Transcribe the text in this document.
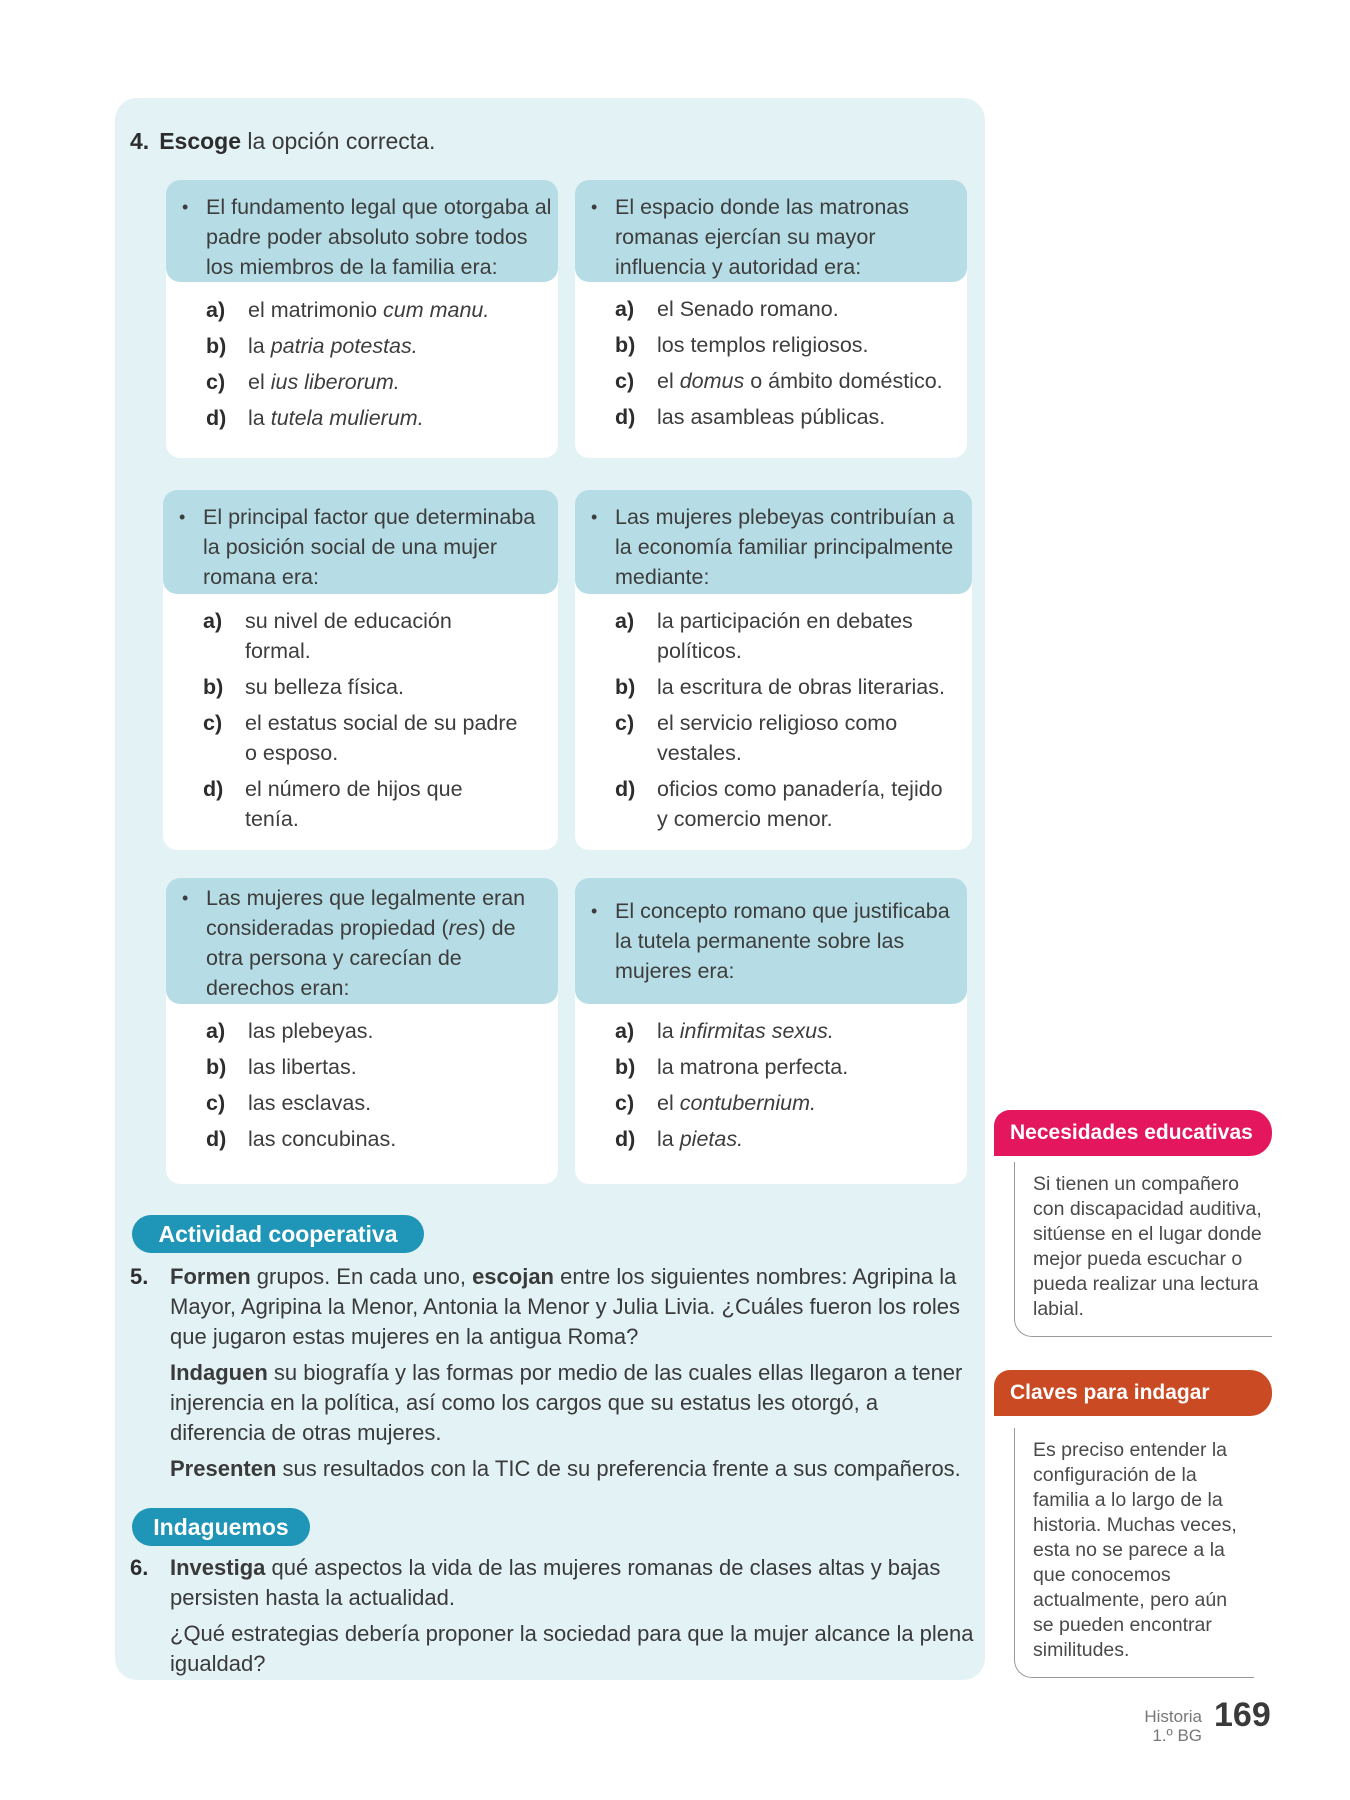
4. Escoge la opción correcta.
• El fundamento legal que otorgaba al padre poder absoluto sobre todos los miembros de la familia era:
a) el matrimonio cum manu.
b) la patria potestas.
c) el ius liberorum.
d) la tutela mulierum.
• El espacio donde las matronas romanas ejercían su mayor influencia y autoridad era:
a) el Senado romano.
b) los templos religiosos.
c) el domus o ámbito doméstico.
d) las asambleas públicas.
• El principal factor que determinaba la posición social de una mujer romana era:
a) su nivel de educación formal.
b) su belleza física.
c) el estatus social de su padre o esposo.
d) el número de hijos que tenía.
• Las mujeres plebeyas contribuían a la economía familiar principalmente mediante:
a) la participación en debates políticos.
b) la escritura de obras literarias.
c) el servicio religioso como vestales.
d) oficios como panadería, tejido y comercio menor.
• Las mujeres que legalmente eran consideradas propiedad (res) de otra persona y carecían de derechos eran:
a) las plebeyas.
b) las libertas.
c) las esclavas.
d) las concubinas.
• El concepto romano que justificaba la tutela permanente sobre las mujeres era:
a) la infirmitas sexus.
b) la matrona perfecta.
c) el contubernium.
d) la pietas.
Actividad cooperativa
5. Formen grupos. En cada uno, escojan entre los siguientes nombres: Agripina la Mayor, Agripina la Menor, Antonia la Menor y Julia Livia. ¿Cuáles fueron los roles que jugaron estas mujeres en la antigua Roma?

Indaguen su biografía y las formas por medio de las cuales ellas llegaron a tener injerencia en la política, así como los cargos que su estatus les otorgó, a diferencia de otras mujeres.

Presenten sus resultados con la TIC de su preferencia frente a sus compañeros.

Indaguemos
6. Investiga qué aspectos la vida de las mujeres romanas de clases altas y bajas persisten hasta la actualidad.

¿Qué estrategias debería proponer la sociedad para que la mujer alcance la plena igualdad?

Necesidades educativas
Si tienen un compañero con discapacidad auditiva, sitúense en el lugar donde mejor pueda escuchar o pueda realizar una lectura labial.
Claves para indagar
Es preciso entender la configuración de la familia a lo largo de la historia. Muchas veces, esta no se parece a la que conocemos actualmente, pero aún se pueden encontrar similitudes.
Historia
1.º BG
169
